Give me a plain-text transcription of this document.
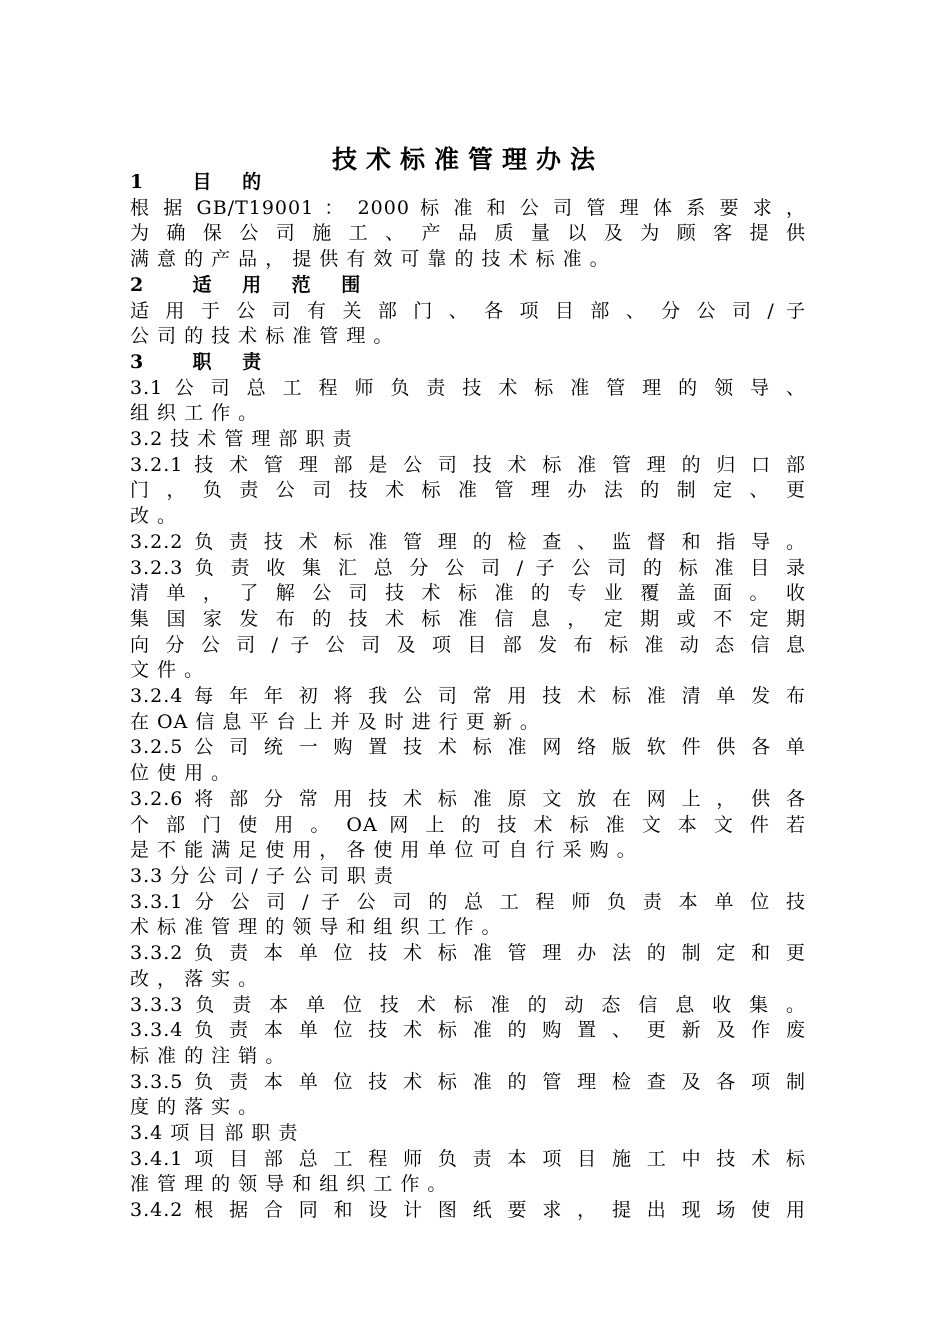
技术标准管理办法
1  目 的
根 据 GB/T19001 ： 2000 标 准 和 公 司 管 理 体 系 要 求 ，
为 确 保 公 司 施 工 、 产 品 质 量 以 及 为 顾 客 提 供
满 意 的 产 品 ， 提 供 有 效 可 靠 的 技 术 标 准 。
2  适 用 范 围
适 用 于 公 司 有 关 部 门 、 各 项 目 部 、 分 公 司 / 子
公 司 的 技 术 标 准 管 理 。
3  职 责
3.1 公 司 总 工 程 师 负 责 技 术 标 准 管 理 的 领 导 、
组 织 工 作 。
3.2 技 术 管 理 部 职 责
3.2.1 技 术 管 理 部 是 公 司 技 术 标 准 管 理 的 归 口 部
门 ， 负 责 公 司 技 术 标 准 管 理 办 法 的 制 定 、 更
改 。
3.2.2 负 责 技 术 标 准 管 理 的 检 查 、 监 督 和 指 导 。
3.2.3 负 责 收 集 汇 总 分 公 司 / 子 公 司 的 标 准 目 录
清 单 ， 了 解 公 司 技 术 标 准 的 专 业 覆 盖 面 。 收
集 国 家 发 布 的 技 术 标 准 信 息 ， 定 期 或 不 定 期
向 分 公 司 / 子 公 司 及 项 目 部 发 布 标 准 动 态 信 息
文 件 。
3.2.4 每 年 年 初 将 我 公 司 常 用 技 术 标 准 清 单 发 布
在 OA 信 息 平 台 上 并 及 时 进 行 更 新 。
3.2.5 公 司 统 一 购 置 技 术 标 准 网 络 版 软 件 供 各 单
位 使 用 。
3.2.6 将 部 分 常 用 技 术 标 准 原 文 放 在 网 上 ， 供 各
个 部 门 使 用 。 OA 网 上 的 技 术 标 准 文 本 文 件 若
是 不 能 满 足 使 用 ， 各 使 用 单 位 可 自 行 采 购 。
3.3 分 公 司 / 子 公 司 职 责
3.3.1 分 公 司 / 子 公 司 的 总 工 程 师 负 责 本 单 位 技
术 标 准 管 理 的 领 导 和 组 织 工 作 。
3.3.2 负 责 本 单 位 技 术 标 准 管 理 办 法 的 制 定 和 更
改 ， 落 实 。
3.3.3 负 责 本 单 位 技 术 标 准 的 动 态 信 息 收 集 。
3.3.4 负 责 本 单 位 技 术 标 准 的 购 置 、 更 新 及 作 废
标 准 的 注 销 。
3.3.5 负 责 本 单 位 技 术 标 准 的 管 理 检 查 及 各 项 制
度 的 落 实 。
3.4 项 目 部 职 责
3.4.1 项 目 部 总 工 程 师 负 责 本 项 目 施 工 中 技 术 标
准 管 理 的 领 导 和 组 织 工 作 。
3.4.2 根 据 合 同 和 设 计 图 纸 要 求 ， 提 出 现 场 使 用
